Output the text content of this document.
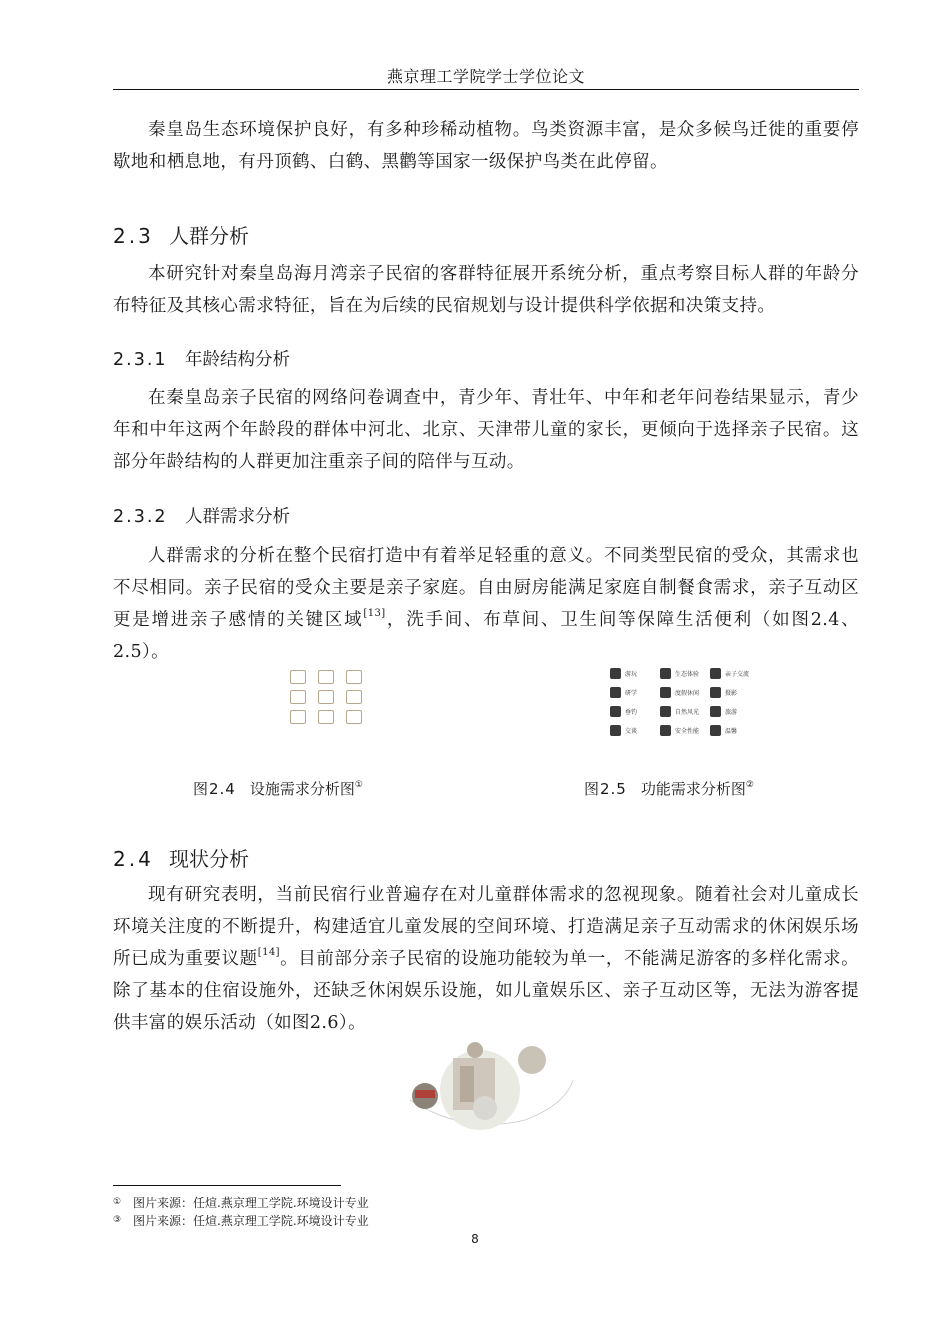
燕京理工学院学士学位论文

秦皇岛生态环境保护良好，有多种珍稀动植物。鸟类资源丰富，是众多候鸟迁徙的重要停歇地和栖息地，有丹顶鹤、白鹤、黑鹳等国家一级保护鸟类在此停留。

2.3 人群分析

本研究针对秦皇岛海月湾亲子民宿的客群特征展开系统分析，重点考察目标人群的年龄分布特征及其核心需求特征，旨在为后续的民宿规划与设计提供科学依据和决策支持。

2.3.1 年龄结构分析

在秦皇岛亲子民宿的网络问卷调查中，青少年、青壮年、中年和老年问卷结果显示，青少年和中年这两个年龄段的群体中河北、北京、天津带儿童的家长，更倾向于选择亲子民宿。这部分年龄结构的人群更加注重亲子间的陪伴与互动。

2.3.2 人群需求分析

人群需求的分析在整个民宿打造中有着举足轻重的意义。不同类型民宿的受众，其需求也不尽相同。亲子民宿的受众主要是亲子家庭。自由厨房能满足家庭自制餐食需求，亲子互动区更是增进亲子感情的关键区域[13]，洗手间、布草间、卫生间等保障生活便利（如图2.4、2.5）。

游玩	生态体验	亲子交流
研学	度假休闲	摄影
垂钓	自然风光	旅游
交谈	安全性能	温馨
图2.4 设施需求分析图①	图2.5 功能需求分析图②
2.4 现状分析

现有研究表明，当前民宿行业普遍存在对儿童群体需求的忽视现象。随着社会对儿童成长环境关注度的不断提升，构建适宜儿童发展的空间环境、打造满足亲子互动需求的休闲娱乐场所已成为重要议题[14]。目前部分亲子民宿的设施功能较为单一，不能满足游客的多样化需求。除了基本的住宿设施外，还缺乏休闲娱乐设施，如儿童娱乐区、亲子互动区等，无法为游客提供丰富的娱乐活动（如图2.6）。

① 图片来源：任煊.燕京理工学院.环境设计专业
③ 图片来源：任煊.燕京理工学院.环境设计专业
8
